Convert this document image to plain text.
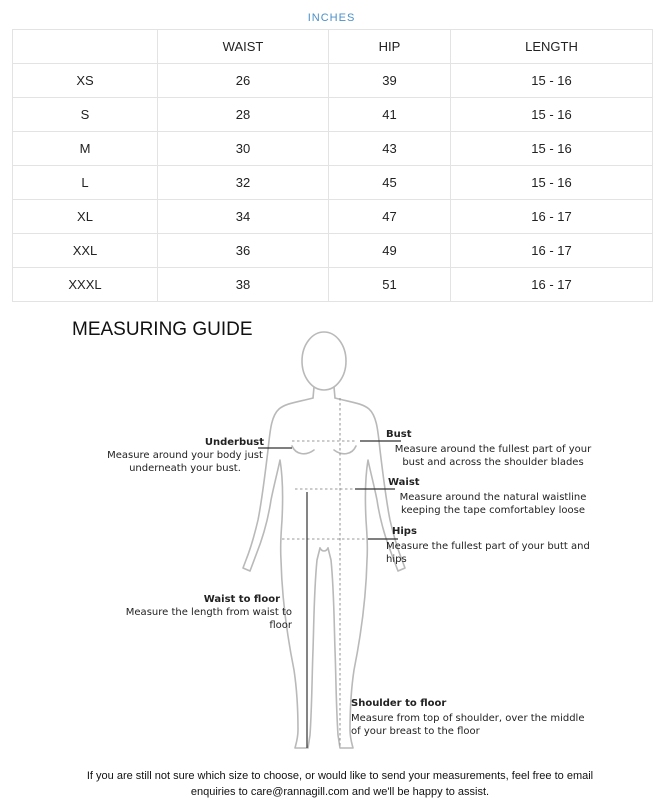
INCHES
	WAIST	HIP	LENGTH
XS	26	39	15 - 16
S	28	41	15 - 16
M	30	43	15 - 16
L	32	45	15 - 16
XL	34	47	16 - 17
XXL	36	49	16 - 17
XXXL	38	51	16 - 17
MEASURING GUIDE
Underbust
Measure around your body just underneath your bust.
Bust
Measure around the fullest part of your bust and across the shoulder blades
Waist
Measure around the natural waistline keeping the tape comfortabley loose
Hips
Measure the fullest part of your butt and hips
Waist to floor
Measure the length from waist to floor
Shoulder to floor
Measure from top of shoulder, over the middle of your breast to the floor
If you are still not sure which size to choose, or would like to send your measurements, feel free to email
enquiries to care@rannagill.com and we'll be happy to assist.
